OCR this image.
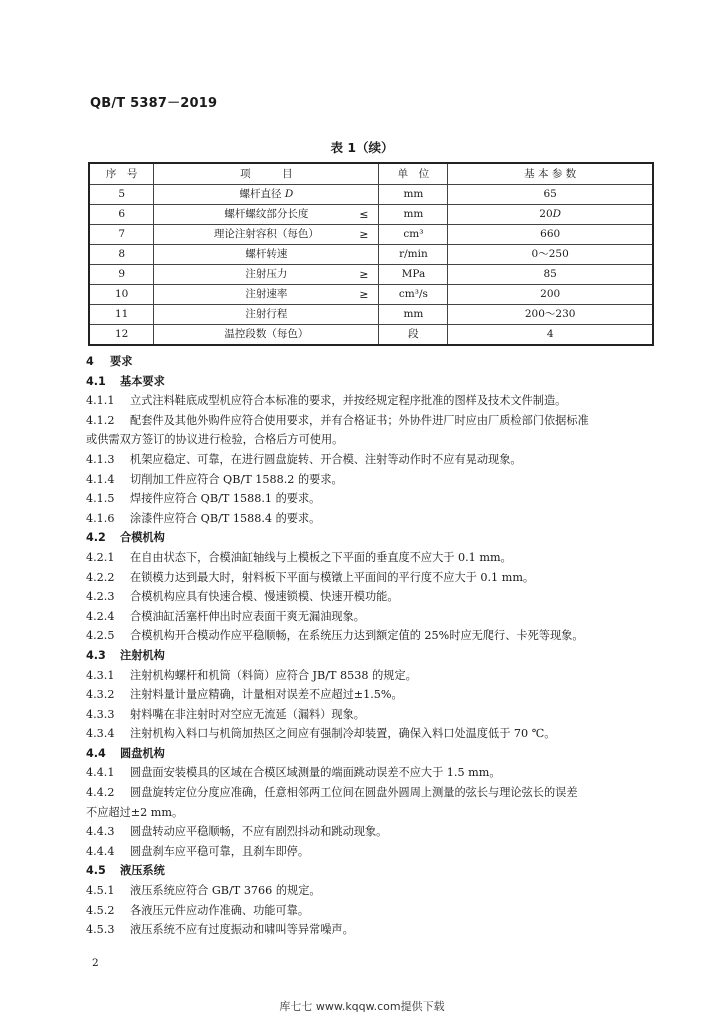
QB/T 5387－2019
表 1（续）
序　号	项　　　目	单　位	基 本 参 数
5	螺杆直径 D	mm	65
6	螺杆螺纹部分长度 ≤	mm	20D
7	理论注射容积（每色） ≥	cm³	660
8	螺杆转速	r/min	0～250
9	注射压力 ≥	MPa	85
10	注射速率 ≥	cm³/s	200
11	注射行程	mm	200～230
12	温控段数（每色）	段	4
4 要求
4.1 基本要求
4.1.1 立式注料鞋底成型机应符合本标准的要求，并按经规定程序批准的图样及技术文件制造。
4.1.2 配套件及其他外购件应符合使用要求，并有合格证书；外协件进厂时应由厂质检部门依据标准
或供需双方签订的协议进行检验，合格后方可使用。
4.1.3 机架应稳定、可靠，在进行圆盘旋转、开合模、注射等动作时不应有晃动现象。
4.1.4 切削加工件应符合 QB/T 1588.2 的要求。
4.1.5 焊接件应符合 QB/T 1588.1 的要求。
4.1.6 涂漆件应符合 QB/T 1588.4 的要求。
4.2 合模机构
4.2.1 在自由状态下，合模油缸轴线与上模板之下平面的垂直度不应大于 0.1 mm。
4.2.2 在锁模力达到最大时，射料板下平面与模镦上平面间的平行度不应大于 0.1 mm。
4.2.3 合模机构应具有快速合模、慢速锁模、快速开模功能。
4.2.4 合模油缸活塞杆伸出时应表面干爽无漏油现象。
4.2.5 合模机构开合模动作应平稳顺畅，在系统压力达到额定值的 25%时应无爬行、卡死等现象。
4.3 注射机构
4.3.1 注射机构螺杆和机筒（料筒）应符合 JB/T 8538 的规定。
4.3.2 注射料量计量应精确，计量相对误差不应超过±1.5%。
4.3.3 射料嘴在非注射时对空应无流延（漏料）现象。
4.3.4 注射机构入料口与机筒加热区之间应有强制冷却装置，确保入料口处温度低于 70 ℃。
4.4 圆盘机构
4.4.1 圆盘面安装模具的区域在合模区域测量的端面跳动误差不应大于 1.5 mm。
4.4.2 圆盘旋转定位分度应准确，任意相邻两工位间在圆盘外圆周上测量的弦长与理论弦长的误差
不应超过±2 mm。
4.4.3 圆盘转动应平稳顺畅，不应有剧烈抖动和跳动现象。
4.4.4 圆盘刹车应平稳可靠，且刹车即停。
4.5 液压系统
4.5.1 液压系统应符合 GB/T 3766 的规定。
4.5.2 各液压元件应动作准确、功能可靠。
4.5.3 液压系统不应有过度振动和啸叫等异常噪声。
2
库七七 www.kqqw.com提供下载
